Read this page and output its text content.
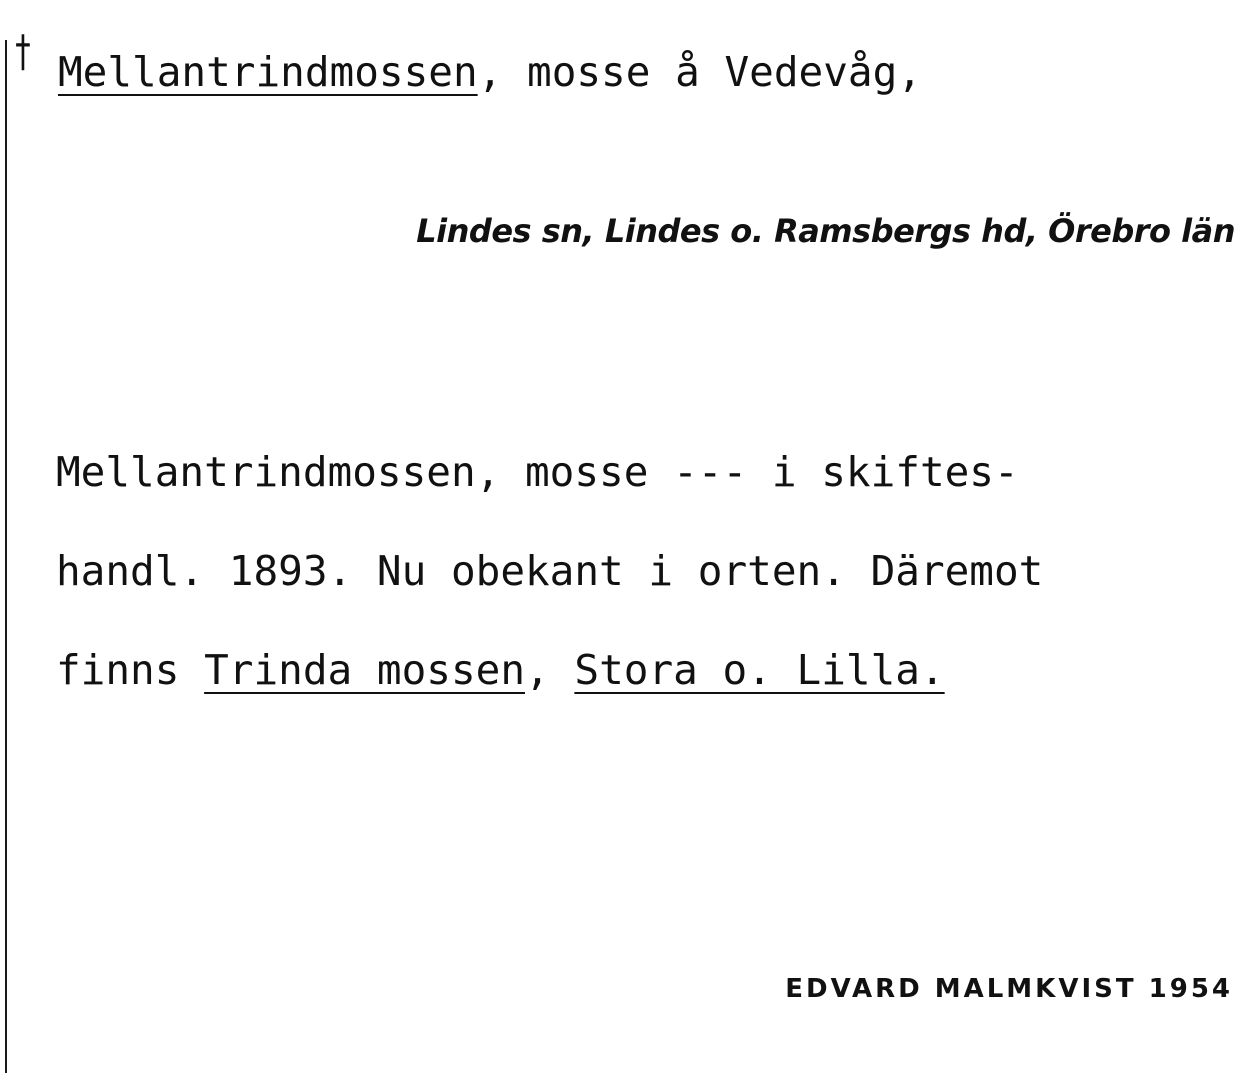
† Mellantrindmossen, mosse å Vedevåg,
Lindes sn, Lindes o. Ramsbergs hd, Örebro län
Mellantrindmossen, mosse --- i skiftes-
handl. 1893. Nu obekant i orten. Däremot
finns Trinda mossen, Stora o. Lilla.
EDVARD MALMKVIST 1954
